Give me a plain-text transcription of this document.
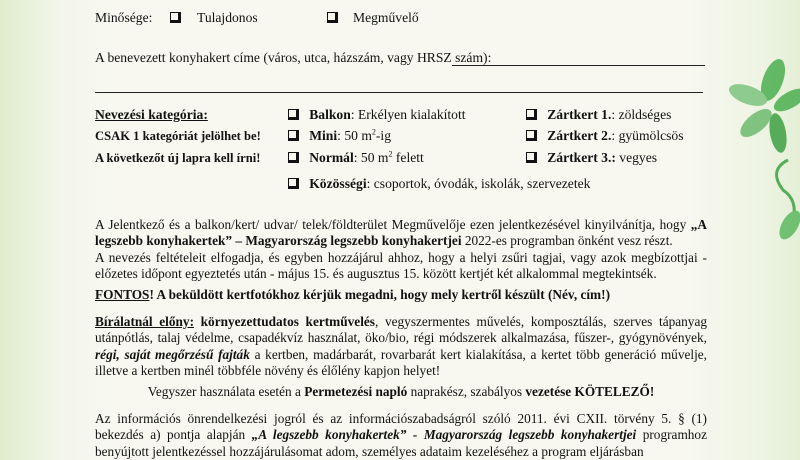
Minősége:	Tulajdonos	Megművelő
A benevezett konyhakert címe (város, utca, házszám, vagy HRSZ szám):
Nevezési kategória:
CSAK 1 kategóriát jelölhet be!
A következőt új lapra kell írni!
Balkon: Erkélyen kialakított
Mini: 50 $m^2-ig$
Normál: 50 $m^2$ felett
Közösségi: csoportok, óvodák, iskolák, szervezetek
Zártkert 1.: zöldséges
Zártkert 2.: gyümölcsös
Zártkert 3.: vegyes
A Jelentkező és a balkon/kert/ udvar/ telek/földterület Megművelője ezen jelentkezésével kinyilvánítja, hogy „A legszebb konyhakertek” – Magyarország legszebb konyhakertjei 2022-es programban önként vesz részt.
A nevezés feltételeit elfogadja, és egyben hozzájárul ahhoz, hogy a helyi zsűri tagjai, vagy azok megbízottjai - előzetes időpont egyeztetés után - május 15. és augusztus 15. között kertjét két alkalommal megtekintsék.
FONTOS! A beküldött kertfotókhoz kérjük megadni, hogy mely kertről készült (Név, cím!)
Bírálatnál előny: környezettudatos kertművelés, vegyszermentes művelés, komposztálás, szerves tápanyag utánpótlás, talaj védelme, csapadékvíz használat, öko/bio, régi módszerek alkalmazása, fűszer-, gyógynövények, régi, saját megőrzésű fajták a kertben, madárbarát, rovarbarát kert kialakítása, a kertet több generáció művelje, illetve a kertben minél többféle növény és élőlény kapjon helyet!
Vegyszer használata esetén a Permetezési napló naprakész, szabályos vezetése KÖTELEZŐ!
Az információs önrendelkezési jogról és az információszabadságról szóló 2011. évi CXII. törvény 5. § (1) bekezdés a) pontja alapján „A legszebb konyhakertek” - Magyarország legszebb konyhakertjei programhoz benyújtott jelentkezéssel hozzájárulásomat adom, személyes adataim kezeléséhez a program eljárásban
